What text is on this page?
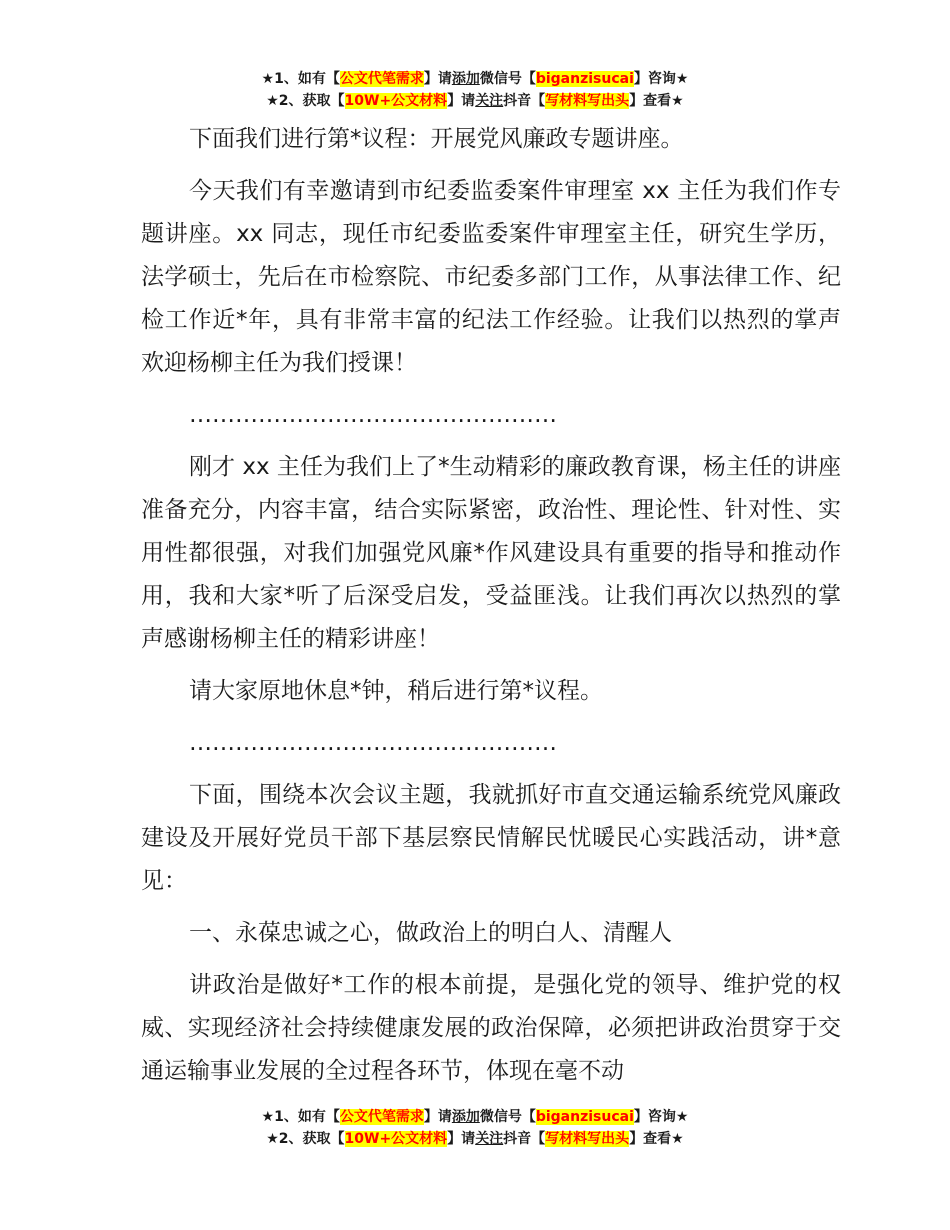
★1、如有【公文代笔需求】请添加微信号【biganzisucai】咨询★
★2、获取【10W+公文材料】请关注抖音【写材料写出头】查看★

下面我们进行第*议程：开展党风廉政专题讲座。

今天我们有幸邀请到市纪委监委案件审理室 xx 主任为我们作专题讲座。xx 同志，现任市纪委监委案件审理室主任，研究生学历，法学硕士，先后在市检察院、市纪委多部门工作，从事法律工作、纪检工作近*年，具有非常丰富的纪法工作经验。让我们以热烈的掌声欢迎杨柳主任为我们授课！

…………………………………………

刚才 xx 主任为我们上了*生动精彩的廉政教育课，杨主任的讲座准备充分，内容丰富，结合实际紧密，政治性、理论性、针对性、实用性都很强，对我们加强党风廉*作风建设具有重要的指导和推动作用，我和大家*听了后深受启发，受益匪浅。让我们再次以热烈的掌声感谢杨柳主任的精彩讲座！

请大家原地休息*钟，稍后进行第*议程。

…………………………………………

下面，围绕本次会议主题，我就抓好市直交通运输系统党风廉政建设及开展好党员干部下基层察民情解民忧暖民心实践活动，讲*意见：

一、永葆忠诚之心，做政治上的明白人、清醒人

讲政治是做好*工作的根本前提，是强化党的领导、维护党的权威、实现经济社会持续健康发展的政治保障，必须把讲政治贯穿于交通运输事业发展的全过程各环节，体现在毫不动

★1、如有【公文代笔需求】请添加微信号【biganzisucai】咨询★
★2、获取【10W+公文材料】请关注抖音【写材料写出头】查看★
